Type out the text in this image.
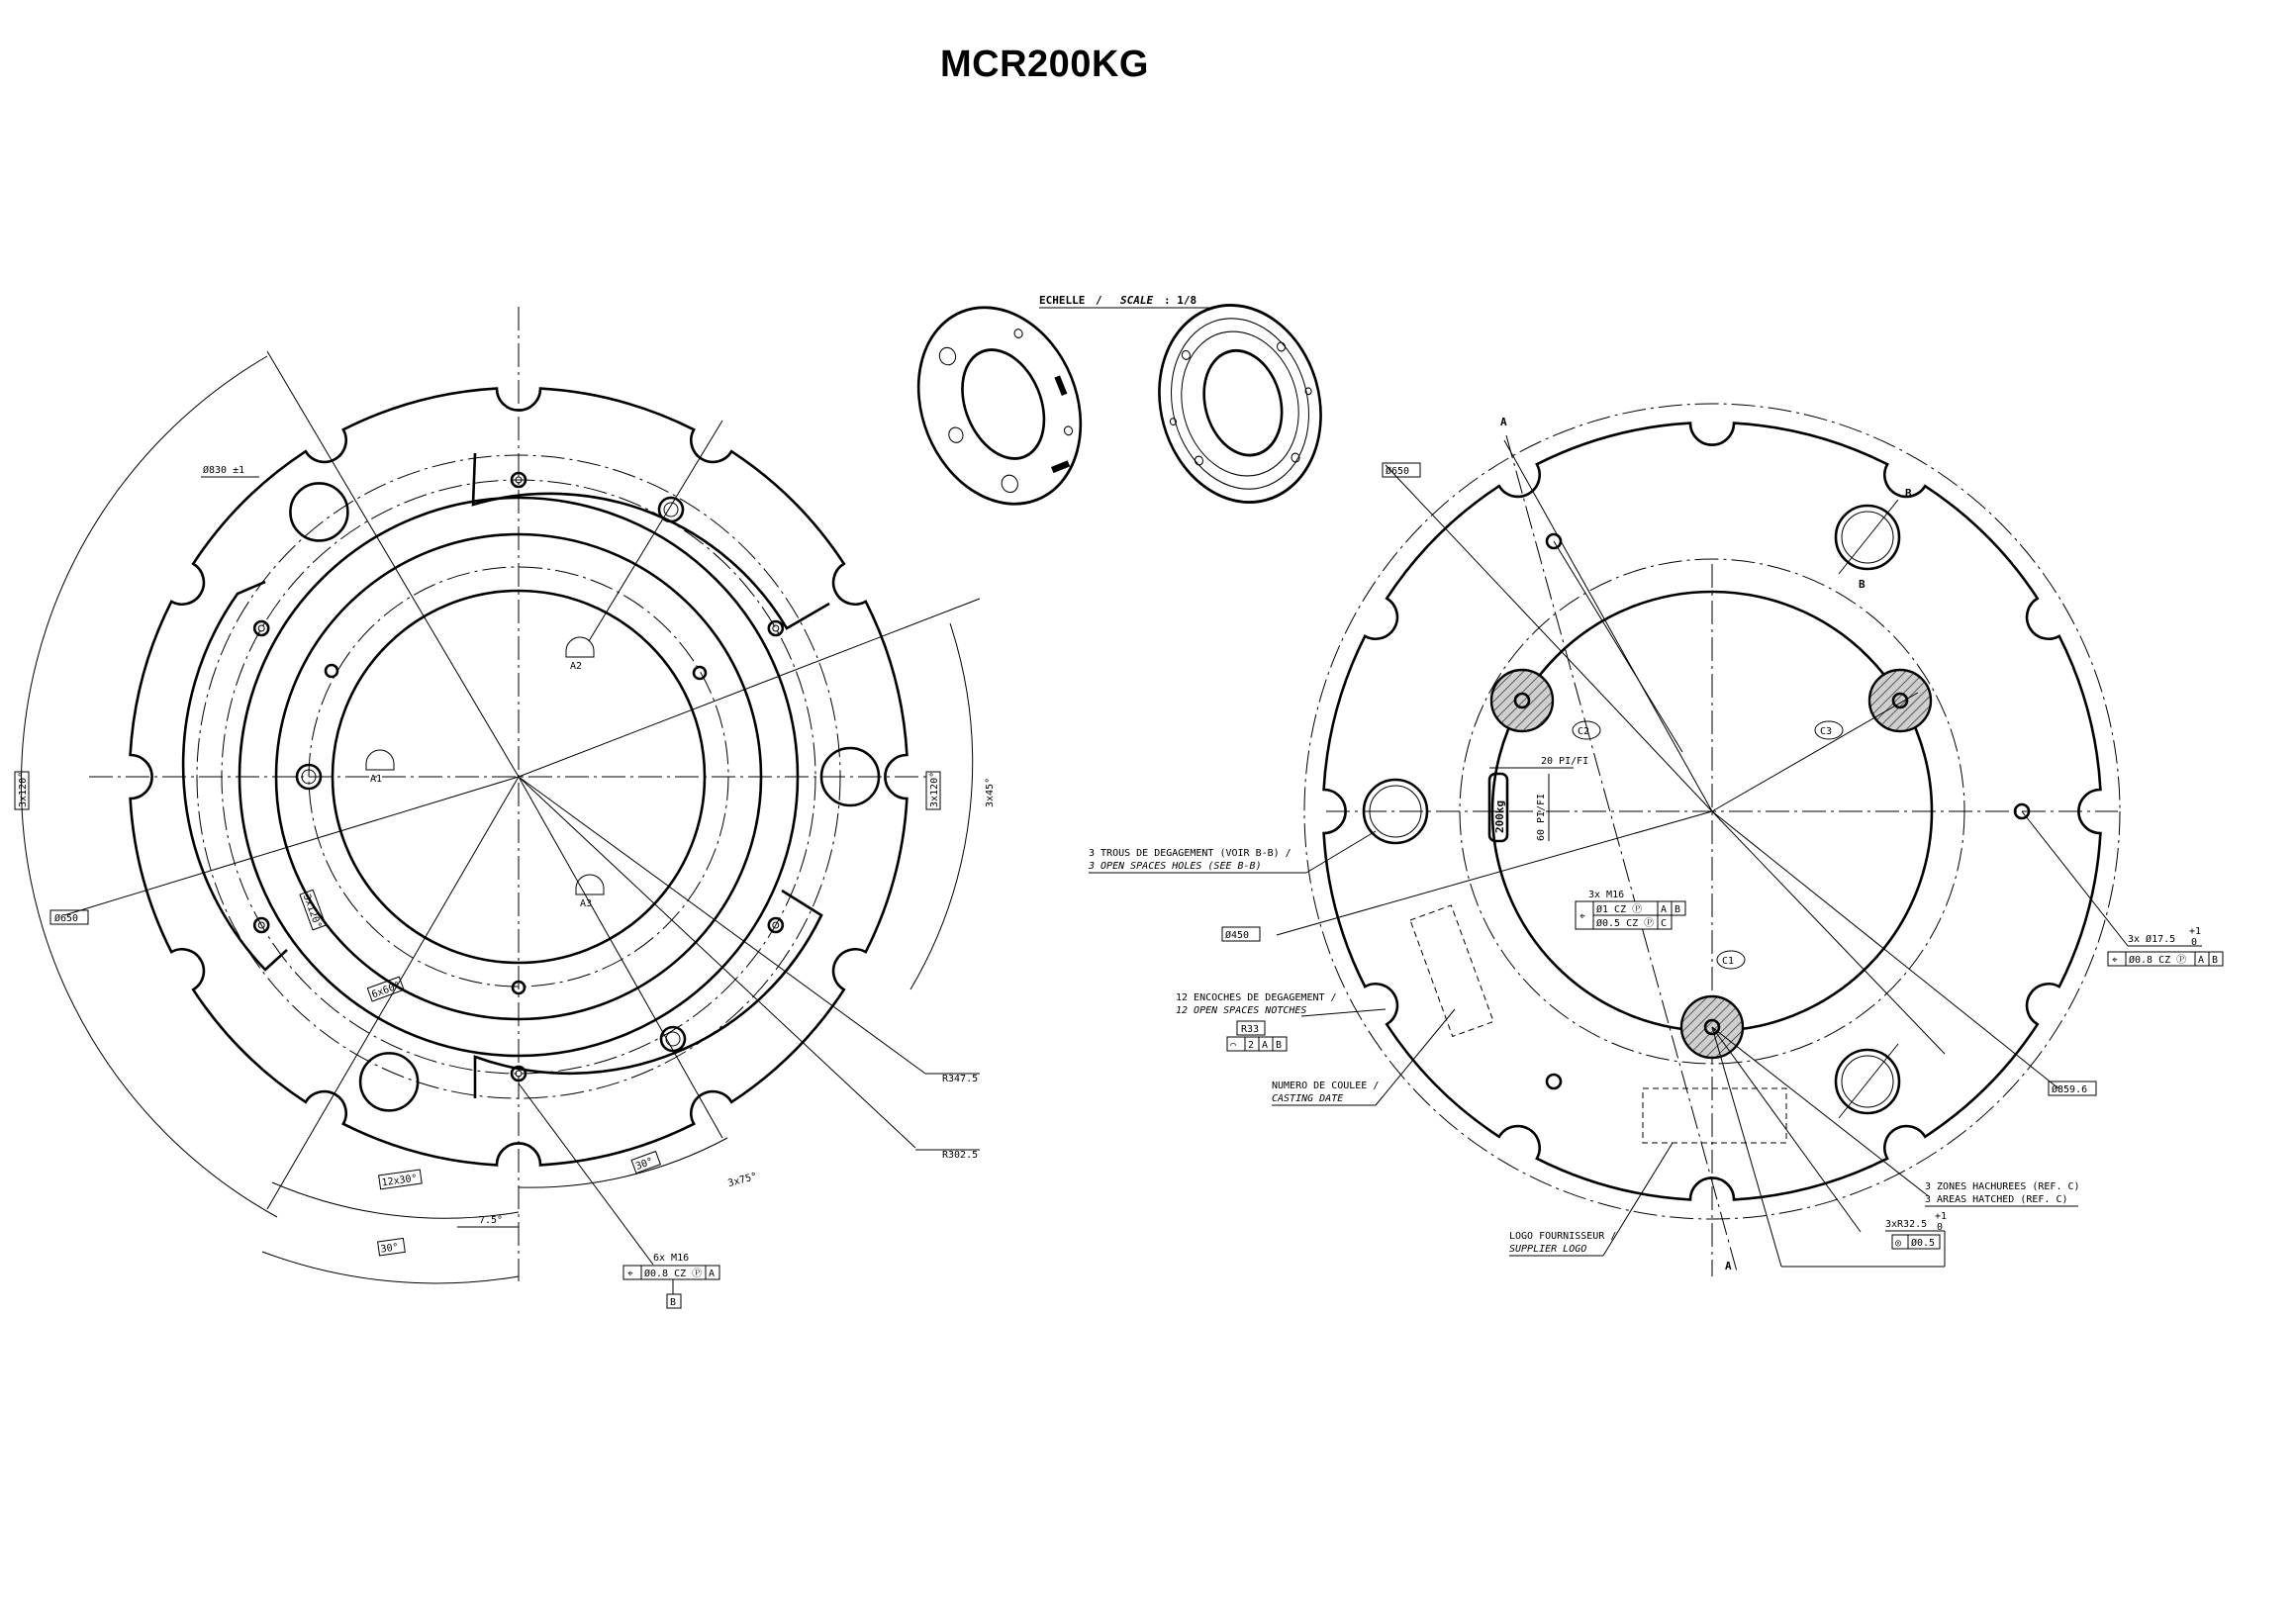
MCR200KG
ECHELLE / SCALE : 1/8
A1
A2
A3
Ø830 ±1
Ø650
R347.5
R302.5
3x120°	3x120°	3x45°
3x120°
6x60°
12x30°	3x75°
30°
30°
7.5°
6x M16
⌖ Ø0.8 CZ Ⓟ A
B
200kg
A
A
B
B
C2	C3
C1
20 PI/FI
60 PI/FI
Ø650
Ø450
Ø859.6
3 TROUS DE DEGAGEMENT (VOIR B-B) /
3 OPEN SPACES HOLES (SEE B-B)
12 ENCOCHES DE DEGAGEMENT /
12 OPEN SPACES NOTCHES
R33
⌒ 2 A B
NUMERO DE COULEE /
CASTING DATE
LOGO FOURNISSEUR /
SUPPLIER LOGO
3x M16
⌖
Ø1 CZ Ⓟ A B
Ø0.5 CZ Ⓟ C
3x Ø17.5
+1
0
⌖ Ø0.8 CZ Ⓟ A B
3 ZONES HACHUREES (REF. C)
3 AREAS HATCHED (REF. C)
3xR32.5
+1
0
◎ Ø0.5
